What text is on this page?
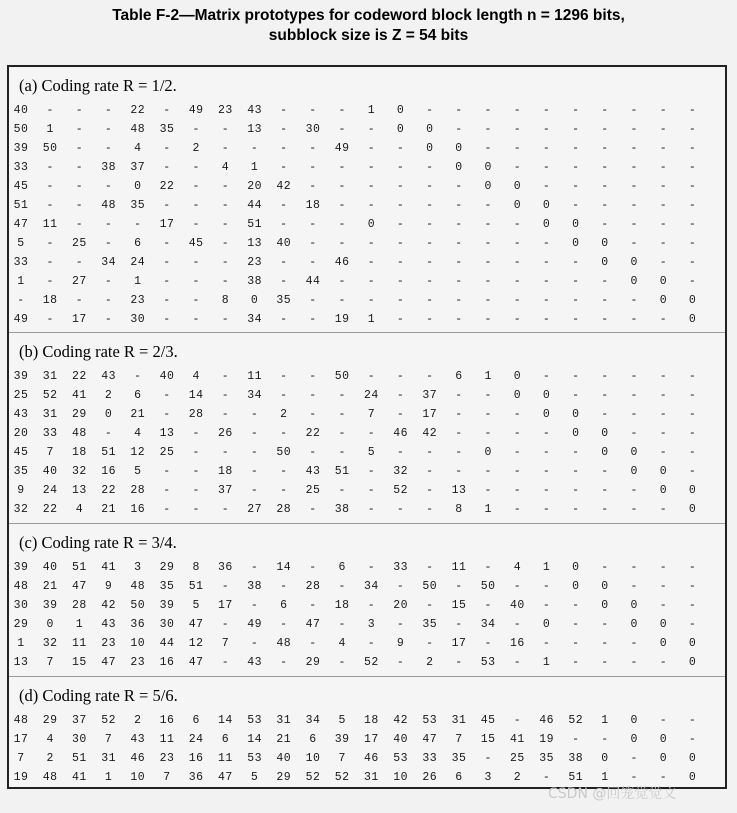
Table F-2—Matrix prototypes for codeword block length n = 1296 bits,
subblock size is Z = 54 bits
(a) Coding rate R = 1/2.
40	-	-	-	22	-	49	23	43	-	-	-	1	0	-	-	-	-	-	-	-	-	-	-
50	1	-	-	48	35	-	-	13	-	30	-	-	0	0	-	-	-	-	-	-	-	-	-
39	50	-	-	4	-	2	-	-	-	-	49	-	-	0	0	-	-	-	-	-	-	-	-
33	-	-	38	37	-	-	4	1	-	-	-	-	-	-	0	0	-	-	-	-	-	-	-
45	-	-	-	0	22	-	-	20	42	-	-	-	-	-	-	0	0	-	-	-	-	-	-
51	-	-	48	35	-	-	-	44	-	18	-	-	-	-	-	-	0	0	-	-	-	-	-
47	11	-	-	-	17	-	-	51	-	-	-	0	-	-	-	-	-	0	0	-	-	-	-
5	-	25	-	6	-	45	-	13	40	-	-	-	-	-	-	-	-	-	0	0	-	-	-
33	-	-	34	24	-	-	-	23	-	-	46	-	-	-	-	-	-	-	-	0	0	-	-
1	-	27	-	1	-	-	-	38	-	44	-	-	-	-	-	-	-	-	-	-	0	0	-
-	18	-	-	23	-	-	8	0	35	-	-	-	-	-	-	-	-	-	-	-	-	0	0
49	-	17	-	30	-	-	-	34	-	-	19	1	-	-	-	-	-	-	-	-	-	-	0
(b) Coding rate R = 2/3.
39	31	22	43	-	40	4	-	11	-	-	50	-	-	-	6	1	0	-	-	-	-	-	-
25	52	41	2	6	-	14	-	34	-	-	-	24	-	37	-	-	0	0	-	-	-	-	-
43	31	29	0	21	-	28	-	-	2	-	-	7	-	17	-	-	-	0	0	-	-	-	-
20	33	48	-	4	13	-	26	-	-	22	-	-	46	42	-	-	-	-	0	0	-	-	-
45	7	18	51	12	25	-	-	-	50	-	-	5	-	-	-	0	-	-	-	0	0	-	-
35	40	32	16	5	-	-	18	-	-	43	51	-	32	-	-	-	-	-	-	-	0	0	-
9	24	13	22	28	-	-	37	-	-	25	-	-	52	-	13	-	-	-	-	-	-	0	0
32	22	4	21	16	-	-	-	27	28	-	38	-	-	-	8	1	-	-	-	-	-	-	0
(c) Coding rate R = 3/4.
39	40	51	41	3	29	8	36	-	14	-	6	-	33	-	11	-	4	1	0	-	-	-	-
48	21	47	9	48	35	51	-	38	-	28	-	34	-	50	-	50	-	-	0	0	-	-	-
30	39	28	42	50	39	5	17	-	6	-	18	-	20	-	15	-	40	-	-	0	0	-	-
29	0	1	43	36	30	47	-	49	-	47	-	3	-	35	-	34	-	0	-	-	0	0	-
1	32	11	23	10	44	12	7	-	48	-	4	-	9	-	17	-	16	-	-	-	-	0	0
13	7	15	47	23	16	47	-	43	-	29	-	52	-	2	-	53	-	1	-	-	-	-	0
(d) Coding rate R = 5/6.
48	29	37	52	2	16	6	14	53	31	34	5	18	42	53	31	45	-	46	52	1	0	-	-
17	4	30	7	43	11	24	6	14	21	6	39	17	40	47	7	15	41	19	-	-	0	0	-
7	2	51	31	46	23	16	11	53	40	10	7	46	53	33	35	-	25	35	38	0	-	0	0
19	48	41	1	10	7	36	47	5	29	52	52	31	10	26	6	3	2	-	51	1	-	-	0
CSDN @回笼觉觉文
